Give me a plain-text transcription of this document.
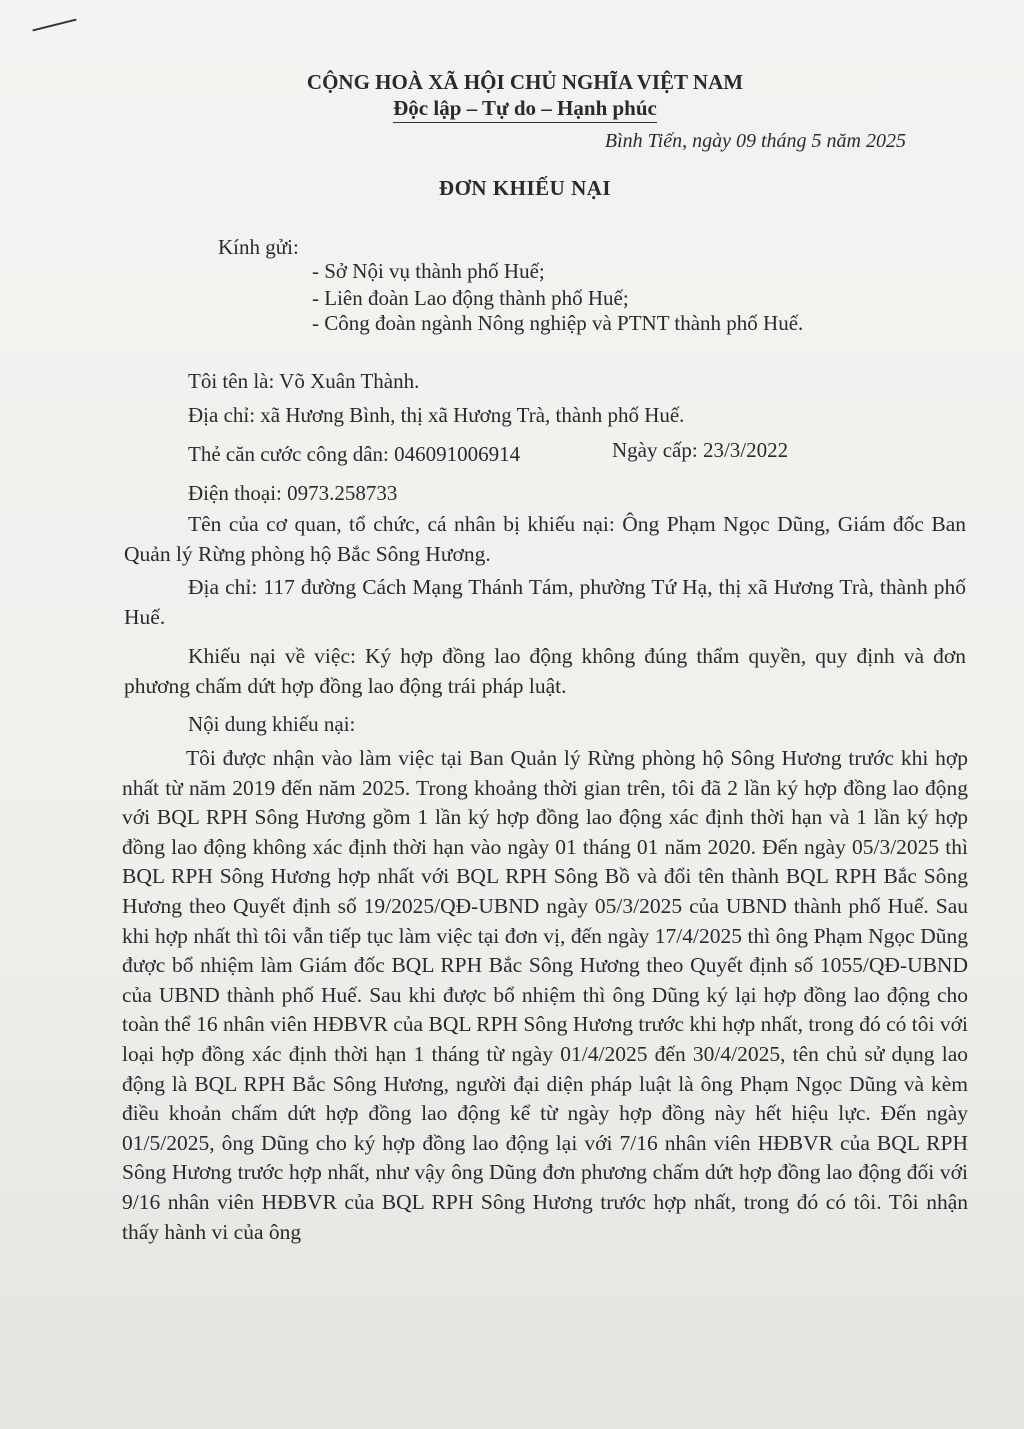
CỘNG HOÀ XÃ HỘI CHỦ NGHĨA VIỆT NAM
Độc lập – Tự do – Hạnh phúc
Bình Tiến, ngày 09 tháng 5 năm 2025
ĐƠN KHIẾU NẠI
Kính gửi:
- Sở Nội vụ thành phố Huế;
- Liên đoàn Lao động thành phố Huế;
- Công đoàn ngành Nông nghiệp và PTNT thành phố Huế.
Tôi tên là: Võ Xuân Thành.
Địa chỉ: xã Hương Bình, thị xã Hương Trà, thành phố Huế.
Thẻ căn cước công dân: 046091006914	Ngày cấp: 23/3/2022
Điện thoại: 0973.258733

Tên của cơ quan, tổ chức, cá nhân bị khiếu nại: Ông Phạm Ngọc Dũng, Giám đốc Ban Quản lý Rừng phòng hộ Bắc Sông Hương.

Địa chỉ: 117 đường Cách Mạng Thánh Tám, phường Tứ Hạ, thị xã Hương Trà, thành phố Huế.

Khiếu nại về việc: Ký hợp đồng lao động không đúng thẩm quyền, quy định và đơn phương chấm dứt hợp đồng lao động trái pháp luật.

Nội dung khiếu nại:

Tôi được nhận vào làm việc tại Ban Quản lý Rừng phòng hộ Sông Hương trước khi hợp nhất từ năm 2019 đến năm 2025. Trong khoảng thời gian trên, tôi đã 2 lần ký hợp đồng lao động với BQL RPH Sông Hương gồm 1 lần ký hợp đồng lao động xác định thời hạn và 1 lần ký hợp đồng lao động không xác định thời hạn vào ngày 01 tháng 01 năm 2020. Đến ngày 05/3/2025 thì BQL RPH Sông Hương hợp nhất với BQL RPH Sông Bồ và đổi tên thành BQL RPH Bắc Sông Hương theo Quyết định số 19/2025/QĐ-UBND ngày 05/3/2025 của UBND thành phố Huế. Sau khi hợp nhất thì tôi vẫn tiếp tục làm việc tại đơn vị, đến ngày 17/4/2025 thì ông Phạm Ngọc Dũng được bổ nhiệm làm Giám đốc BQL RPH Bắc Sông Hương theo Quyết định số 1055/QĐ-UBND của UBND thành phố Huế. Sau khi được bổ nhiệm thì ông Dũng ký lại hợp đồng lao động cho toàn thể 16 nhân viên HĐBVR của BQL RPH Sông Hương trước khi hợp nhất, trong đó có tôi với loại hợp đồng xác định thời hạn 1 tháng từ ngày 01/4/2025 đến 30/4/2025, tên chủ sử dụng lao động là BQL RPH Bắc Sông Hương, người đại diện pháp luật là ông Phạm Ngọc Dũng và kèm điều khoản chấm dứt hợp đồng lao động kể từ ngày hợp đồng này hết hiệu lực. Đến ngày 01/5/2025, ông Dũng cho ký hợp đồng lao động lại với 7/16 nhân viên HĐBVR của BQL RPH Sông Hương trước hợp nhất, như vậy ông Dũng đơn phương chấm dứt hợp đồng lao động đối với 9/16 nhân viên HĐBVR của BQL RPH Sông Hương trước hợp nhất, trong đó có tôi. Tôi nhận thấy hành vi của ông
